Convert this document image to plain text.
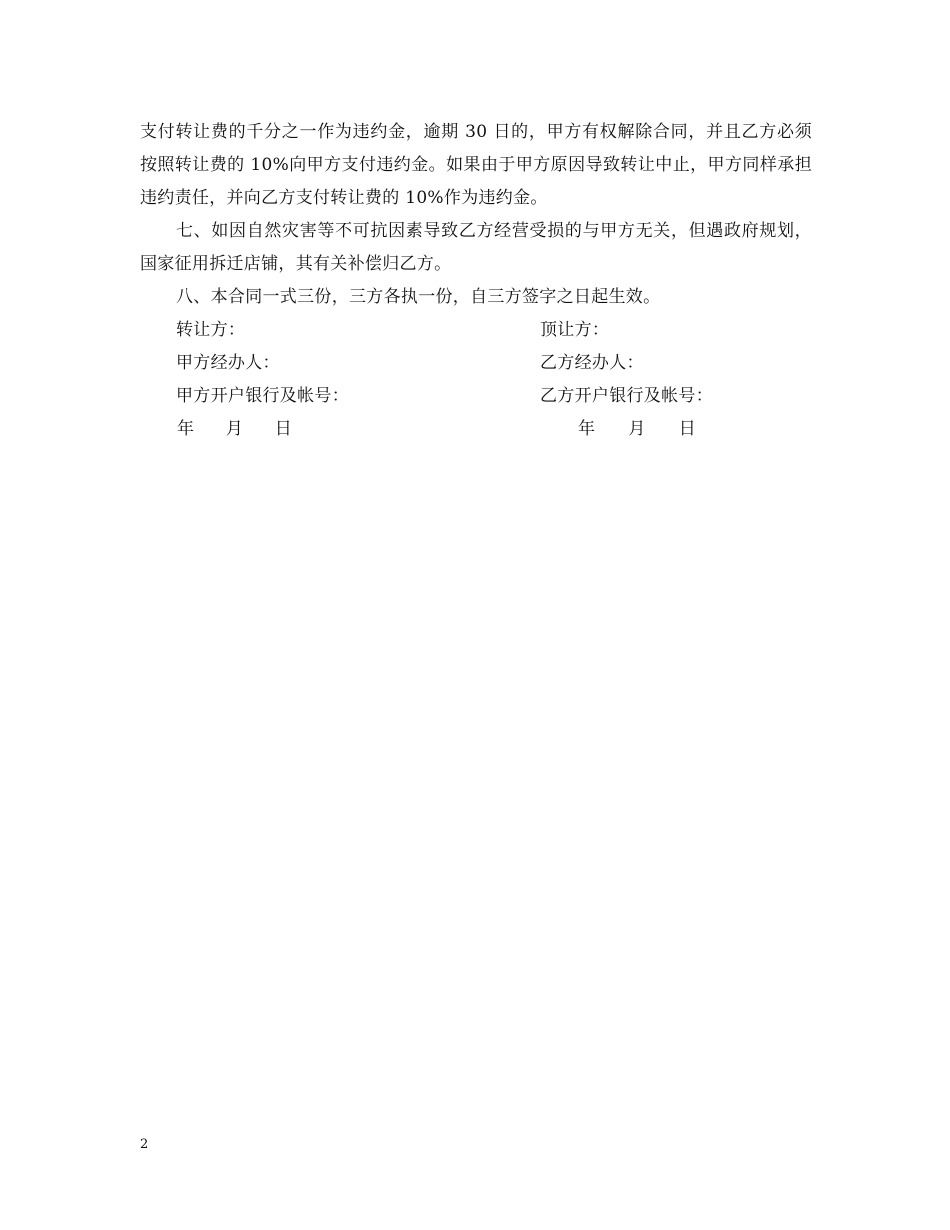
支付转让费的千分之一作为违约金，逾期 30 日的，甲方有权解除合同，并且乙方必须按照转让费的 10%向甲方支付违约金。如果由于甲方原因导致转让中止，甲方同样承担违约责任，并向乙方支付转让费的 10%作为违约金。

七、如因自然灾害等不可抗因素导致乙方经营受损的与甲方无关，但遇政府规划，国家征用拆迁店铺，其有关补偿归乙方。

八、本合同一式三份，三方各执一份，自三方签字之日起生效。

转让方：	顶让方：
甲方经办人：	乙方经办人：
甲方开户银行及帐号：	乙方开户银行及帐号：
年 月 日	年 月 日
2
